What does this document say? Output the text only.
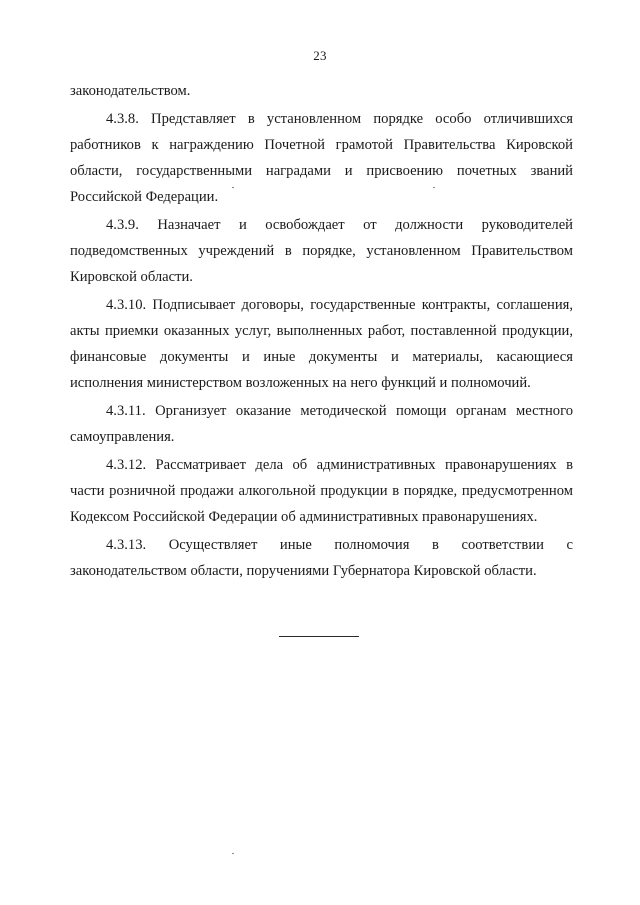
23

законодательством.

4.3.8. Представляет в установленном порядке особо отличившихся работников к награждению Почетной грамотой Правительства Кировской области, государственными наградами и присвоению почетных званий Российской Федерации.

4.3.9. Назначает и освобождает от должности руководителей подведомственных учреждений в порядке, установленном Правительством Кировской области.

4.3.10. Подписывает договоры, государственные контракты, соглашения, акты приемки оказанных услуг, выполненных работ, поставленной продукции, финансовые документы и иные документы и материалы, касающиеся исполнения министерством возложенных на него функций и полномочий.

4.3.11. Организует оказание методической помощи органам местного самоуправления.

4.3.12. Рассматривает дела об административных правонарушениях в части розничной продажи алкогольной продукции в порядке, предусмотренном Кодексом Российской Федерации об административных правонарушениях.

4.3.13. Осуществляет иные полномочия в соответствии с законодательством области, поручениями Губернатора Кировской области.
